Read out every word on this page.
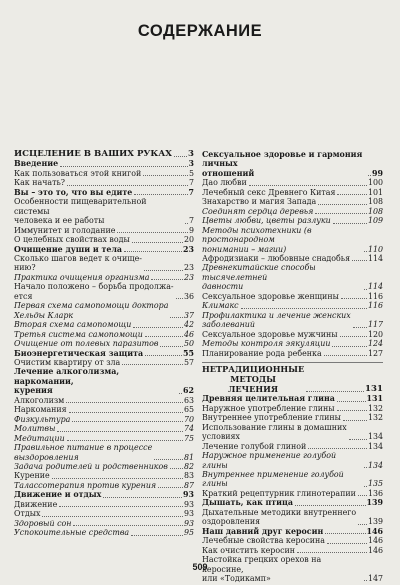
СОДЕРЖАНИЕ
ИСЦЕЛЕНИЕ В ВАШИХ РУКАХ 3
Введение	3
Как пользоваться этой книгой	5
Как начать?	7
Вы – это то, что вы едите	7
Особенности пищеварительной системы
человека и ее работы	7
Иммунитет и голодание	9
О целебных свойствах воды	20
Очищение души и тела	23
Сколько шагов ведет к очище-
нию?	23
Практика очищения организма	23
Начало положено – борьба продолжа-
ется	36
Первая схема самопомощи доктора
Хельды Кларк	37
Вторая схема самопомощи	42
Третья система самопомощи	46
Очищение от полевых паразитов	50
Биоэнергетическая защита	55
Очистим квартиру от зла	57
Лечение алкоголизма, наркомании,
курения	62
Алкоголизм	63
Наркомания	65
Физкультура	70
Молитвы	74
Медитации	75
Правильное питание в процессе
выздоровления	81
Задача родителей и родственников 82
Курение	83
Таласcотерапия против курения	87
Движение и отдых	93
Движение	93
Отдых	93
Здоровый сон	93
Успокоительные средства	95
Сексуальное здоровье и гармония личных
отношений	99
Дао любви	100
Лечебный секс Древнего Китая	101
Знахарство и магия Запада	108
Соединят сердца деревья	108
Цветы любви, цветы разлуки	109
Методы психотехники (в простонародном
понимании – магии)	110
Афродизиаки – любовные снадобья 114
Древнекитайские способы тысячелетней
давности	114
Сексуальное здоровье женщины	116
Климакс	116
Профилактика и лечение женских
заболеваний	117
Сексуальное здоровье мужчины	120
Методы контроля эякуляции	124
Планирование рода ребенка	127
НЕТРАДИЦИОННЫЕ МЕТОДЫ
ЛЕЧЕНИЯ	131
Древняя целительная глина	131
Наружное употребление глины	132
Внутреннее употребление глины	132
Использование глины в домашних
условиях	134
Лечение голубой глиной	134
Наружное применение голубой глины	134
Внутреннее применение голубой глины	135
Краткий рецептурник глинотерапии 136
Дышать, как птица	139
Дыхательные методики внутреннего
оздоровления	139
Наш давний друг керосин	146
Лечебные свойства керосина	146
Как очистить керосин	146
Настойка грецких орехов на керосине,
или «Тодикамп»	147
509
